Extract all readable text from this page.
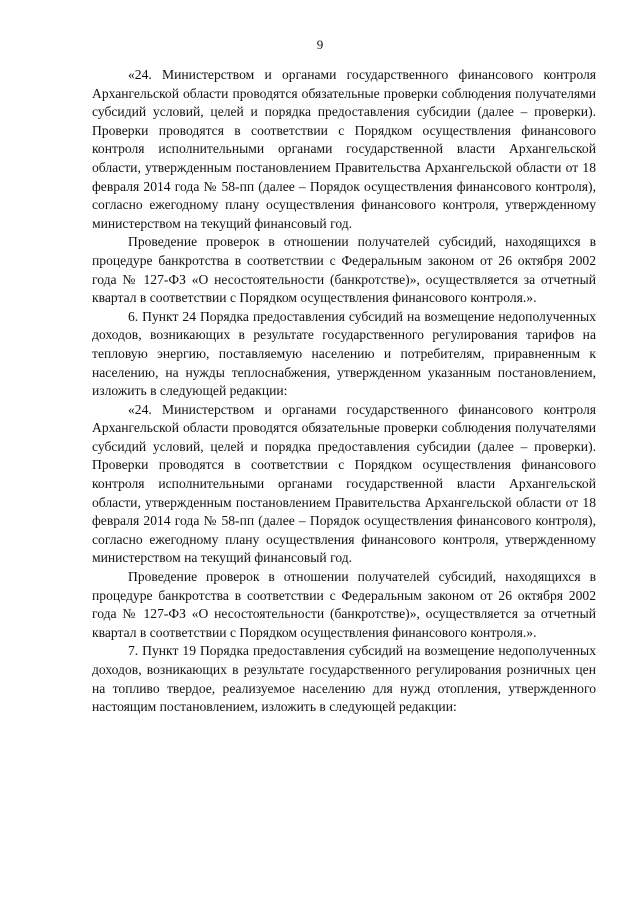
9

«24. Министерством и органами государственного финансового контроля Архангельской области проводятся обязательные проверки соблюдения получателями субсидий условий, целей и порядка предоставления субсидии (далее – проверки). Проверки проводятся в соответствии с Порядком осуществления финансового контроля исполнительными органами государственной власти Архангельской области, утвержденным постановлением Правительства Архангельской области от 18 февраля 2014 года № 58-пп (далее – Порядок осуществления финансового контроля), согласно ежегодному плану осуществления финансового контроля, утвержденному министерством на текущий финансовый год.

Проведение проверок в отношении получателей субсидий, находящихся в процедуре банкротства в соответствии с Федеральным законом от 26 октября 2002 года № 127-ФЗ «О несостоятельности (банкротстве)», осуществляется за отчетный квартал в соответствии с Порядком осуществления финансового контроля.».

6. Пункт 24 Порядка предоставления субсидий на возмещение недополученных доходов, возникающих в результате государственного регулирования тарифов на тепловую энергию, поставляемую населению и потребителям, приравненным к населению, на нужды теплоснабжения, утвержденном указанным постановлением, изложить в следующей редакции:

«24. Министерством и органами государственного финансового контроля Архангельской области проводятся обязательные проверки соблюдения получателями субсидий условий, целей и порядка предоставления субсидии (далее – проверки). Проверки проводятся в соответствии с Порядком осуществления финансового контроля исполнительными органами государственной власти Архангельской области, утвержденным постановлением Правительства Архангельской области от 18 февраля 2014 года № 58-пп (далее – Порядок осуществления финансового контроля), согласно ежегодному плану осуществления финансового контроля, утвержденному министерством на текущий финансовый год.

Проведение проверок в отношении получателей субсидий, находящихся в процедуре банкротства в соответствии с Федеральным законом от 26 октября 2002 года № 127-ФЗ «О несостоятельности (банкротстве)», осуществляется за отчетный квартал в соответствии с Порядком осуществления финансового контроля.».

7. Пункт 19 Порядка предоставления субсидий на возмещение недополученных доходов, возникающих в результате государственного регулирования розничных цен на топливо твердое, реализуемое населению для нужд отопления, утвержденного настоящим постановлением, изложить в следующей редакции:
